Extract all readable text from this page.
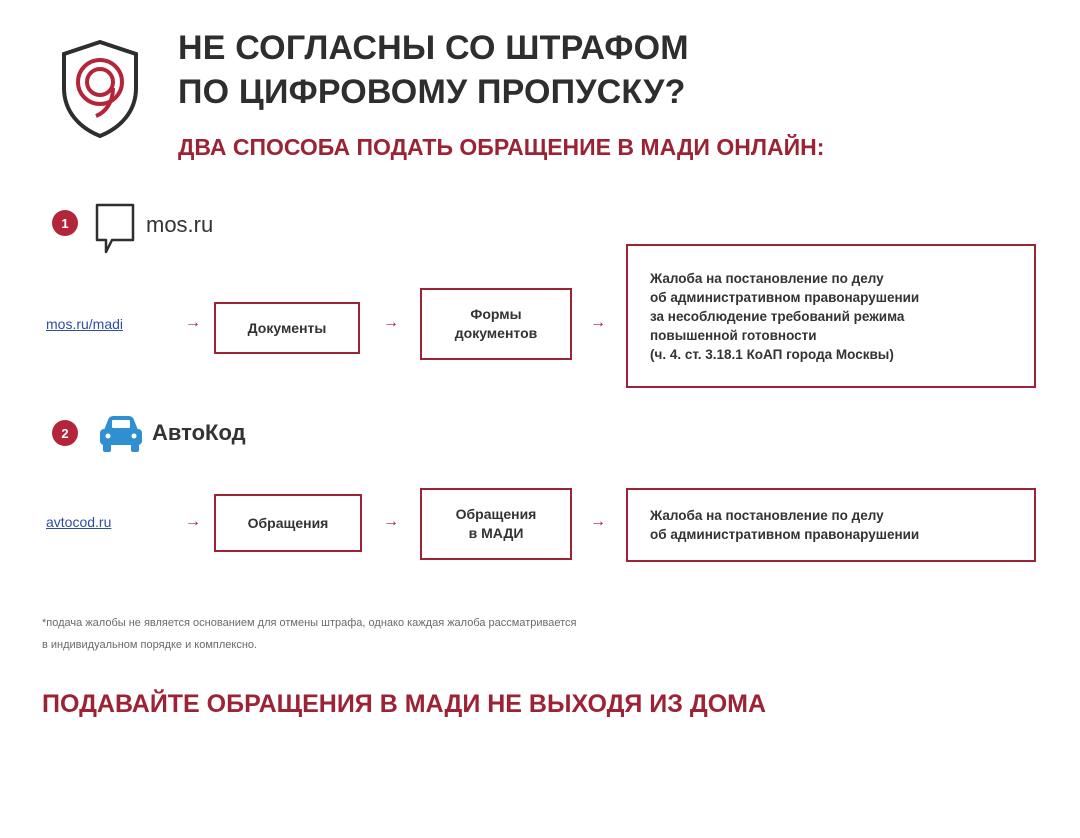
НЕ СОГЛАСНЫ СО ШТРАФОМ
ПО ЦИФРОВОМУ ПРОПУСКУ?
ДВА СПОСОБА ПОДАТЬ ОБРАЩЕНИЕ В МАДИ ОНЛАЙН:
1	mos.ru
mos.ru/madi	→	Документы	→	Формы
документов
→
Жалоба на постановление по делу
об административном правонарушении
за несоблюдение требований режима
повышенной готовности
(ч. 4. ст. 3.18.1 КоАП города Москвы)
2	АвтоКод
avtocod.ru	→	Обращения	→	Обращения
в МАДИ
→	Жалоба на постановление по делу
об административном правонарушении

*подача жалобы не является основанием для отмены штрафа, однако каждая жалоба рассматривается
в индивидуальном порядке и комплексно.

ПОДАВАЙТЕ ОБРАЩЕНИЯ В МАДИ НЕ ВЫХОДЯ ИЗ ДОМА
